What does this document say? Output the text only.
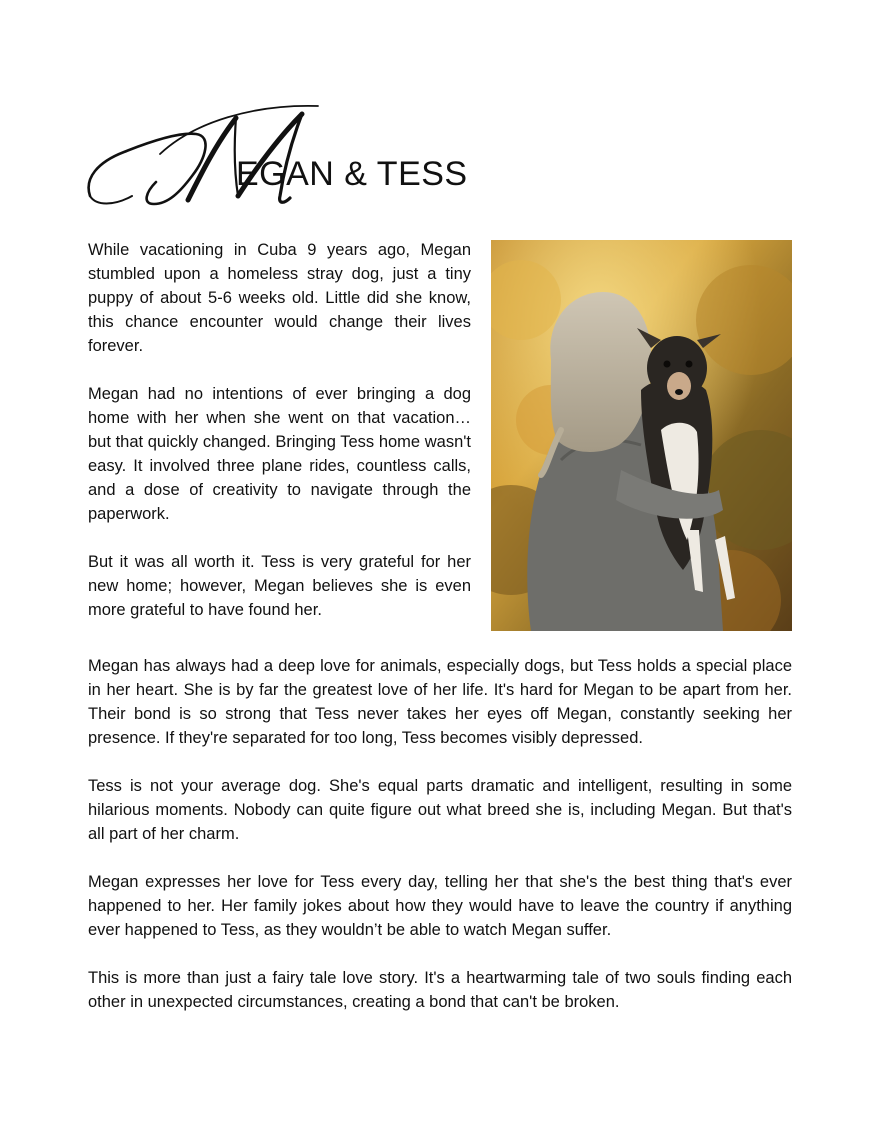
EGAN & TESS

While vacationing in Cuba 9 years ago, Megan stumbled upon a homeless stray dog, just a tiny puppy of about 5-6 weeks old. Little did she know, this chance encounter would change their lives forever.

Megan had no intentions of ever bringing a dog home with her when she went on that vacation… but that quickly changed. Bringing Tess home wasn't easy. It involved three plane rides, countless calls, and a dose of creativity to navigate through the paperwork.

But it was all worth it. Tess is very grateful for her new home; however, Megan believes she is even more grateful to have found her.

Megan has always had a deep love for animals, especially dogs, but Tess holds a special place in her heart. She is by far the greatest love of her life. It's hard for Megan to be apart from her. Their bond is so strong that Tess never takes her eyes off Megan, constantly seeking her presence. If they're separated for too long, Tess becomes visibly depressed.

Tess is not your average dog. She's equal parts dramatic and intelligent, resulting in some hilarious moments. Nobody can quite figure out what breed she is, including Megan. But that's all part of her charm.

Megan expresses her love for Tess every day, telling her that she's the best thing that's ever happened to her. Her family jokes about how they would have to leave the country if anything ever happened to Tess, as they wouldn’t be able to watch Megan suffer.

This is more than just a fairy tale love story. It's a heartwarming tale of two souls finding each other in unexpected circumstances, creating a bond that can't be broken.
